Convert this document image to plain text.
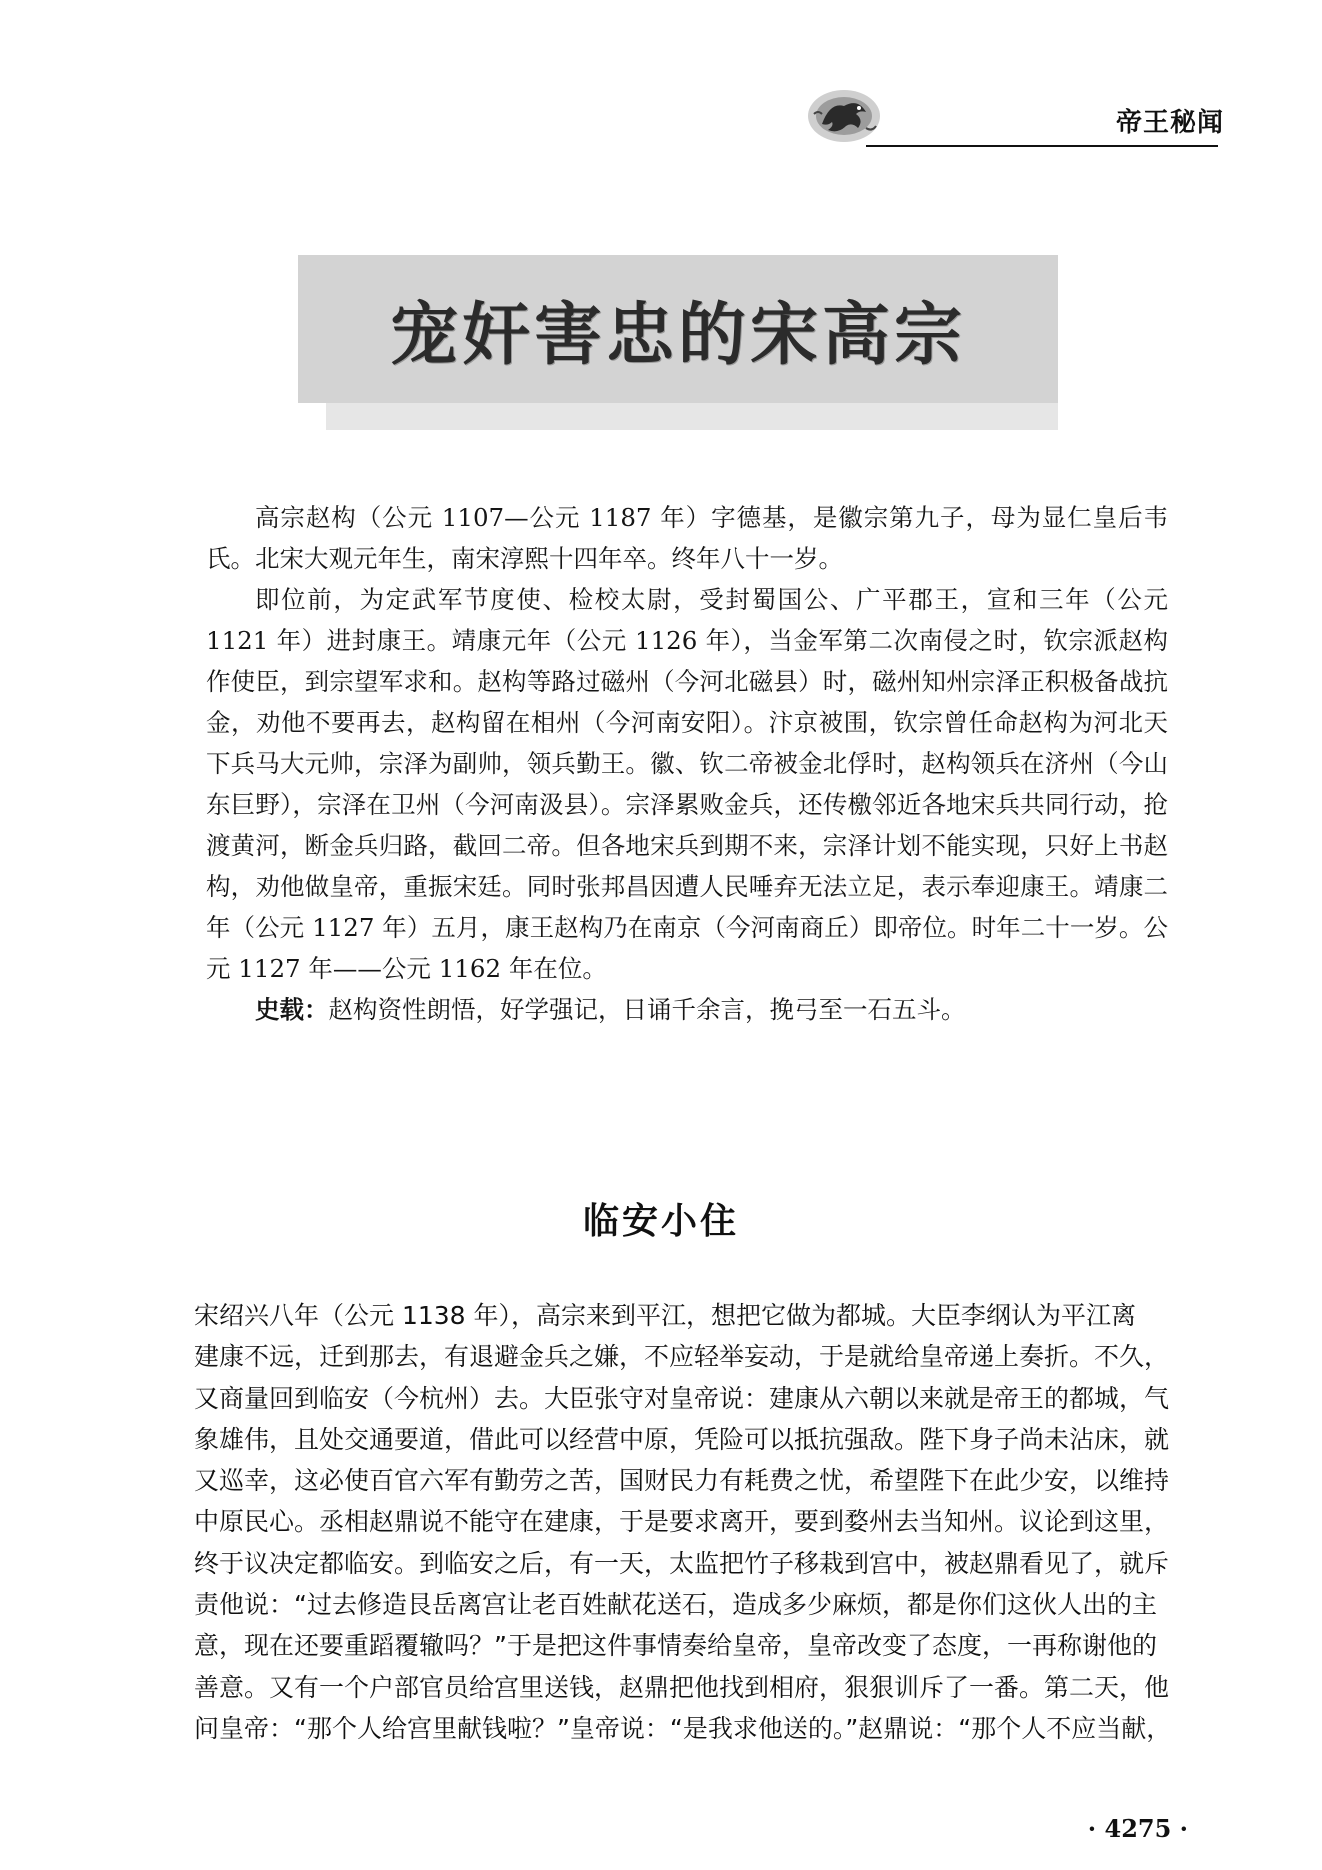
帝王秘闻
宠奸害忠的宋高宗

高宗赵构（公元 1107—公元 1187 年）字德基，是徽宗第九子，母为显仁皇后韦氏。北宋大观元年生，南宋淳熙十四年卒。终年八十一岁。

即位前，为定武军节度使、检校太尉，受封蜀国公、广平郡王，宣和三年（公元 1121 年）进封康王。靖康元年（公元 1126 年），当金军第二次南侵之时，钦宗派赵构作使臣，到宗望军求和。赵构等路过磁州（今河北磁县）时，磁州知州宗泽正积极备战抗金，劝他不要再去，赵构留在相州（今河南安阳）。汴京被围，钦宗曾任命赵构为河北天下兵马大元帅，宗泽为副帅，领兵勤王。徽、钦二帝被金北俘时，赵构领兵在济州（今山东巨野），宗泽在卫州（今河南汲县）。宗泽累败金兵，还传檄邻近各地宋兵共同行动，抢渡黄河，断金兵归路，截回二帝。但各地宋兵到期不来，宗泽计划不能实现，只好上书赵构，劝他做皇帝，重振宋廷。同时张邦昌因遭人民唾弃无法立足，表示奉迎康王。靖康二年（公元 1127 年）五月，康王赵构乃在南京（今河南商丘）即帝位。时年二十一岁。公元 1127 年——公元 1162 年在位。

史载：赵构资性朗悟，好学强记，日诵千余言，挽弓至一石五斗。

临安小住

宋绍兴八年（公元 1138 年），高宗来到平江，想把它做为都城。大臣李纲认为平江离

建康不远，迁到那去，有退避金兵之嫌，不应轻举妄动，于是就给皇帝递上奏折。不久，

又商量回到临安（今杭州）去。大臣张守对皇帝说：建康从六朝以来就是帝王的都城，气

象雄伟，且处交通要道，借此可以经营中原，凭险可以抵抗强敌。陛下身子尚未沾床，就

又巡幸，这必使百官六军有勤劳之苦，国财民力有耗费之忧，希望陛下在此少安，以维持

中原民心。丞相赵鼎说不能守在建康，于是要求离开，要到婺州去当知州。议论到这里，

终于议决定都临安。到临安之后，有一天，太监把竹子移栽到宫中，被赵鼎看见了，就斥

责他说：“过去修造艮岳离宫让老百姓献花送石，造成多少麻烦，都是你们这伙人出的主

意，现在还要重蹈覆辙吗？”于是把这件事情奏给皇帝，皇帝改变了态度，一再称谢他的

善意。又有一个户部官员给宫里送钱，赵鼎把他找到相府，狠狠训斥了一番。第二天，他

问皇帝：“那个人给宫里献钱啦？”皇帝说：“是我求他送的。”赵鼎说：“那个人不应当献，

· 4275 ·
